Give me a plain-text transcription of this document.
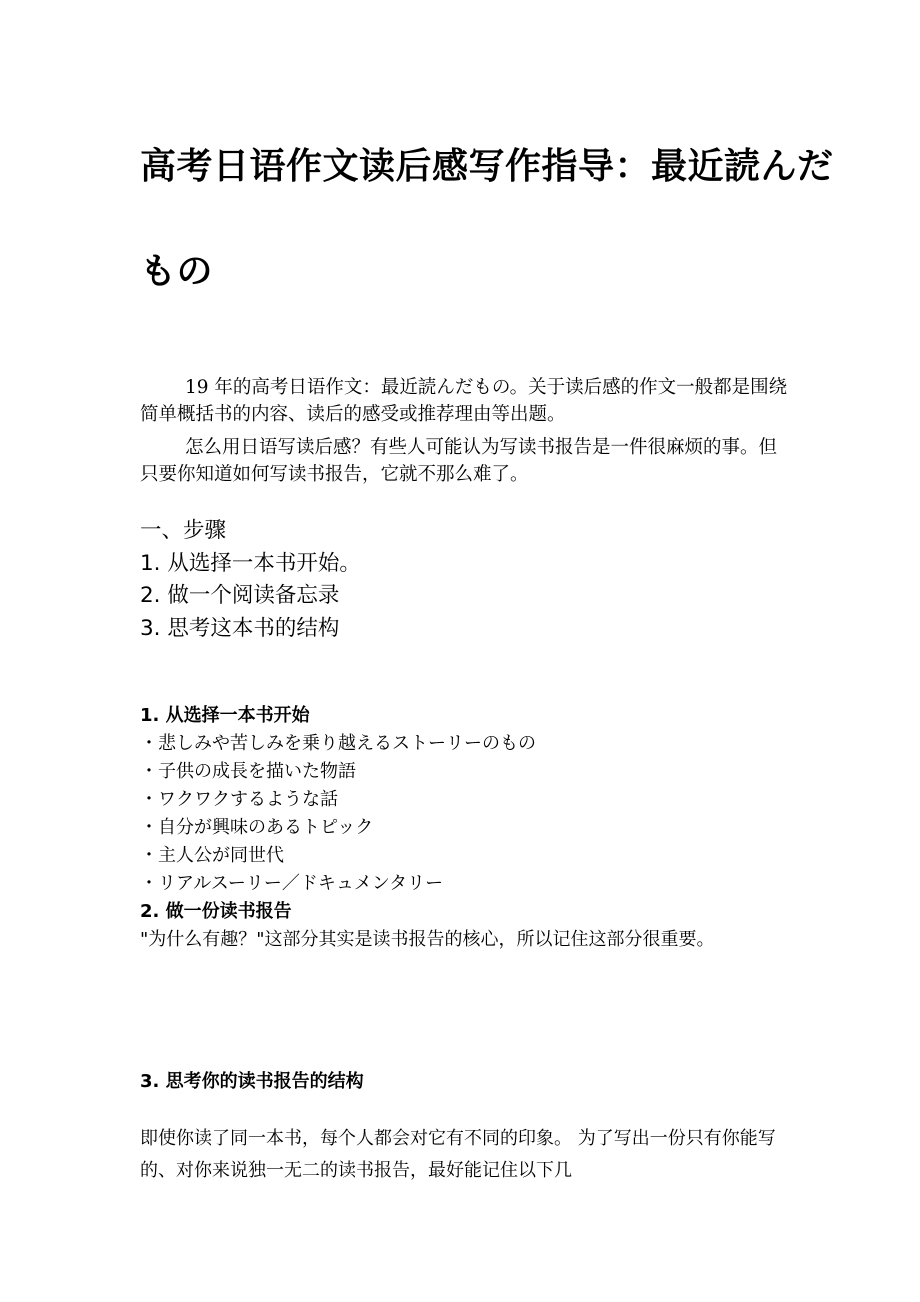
高考日语作文读后感写作指导：最近読んだ
もの
19 年的高考日语作文：最近読んだもの。关于读后感的作文一般都是围绕简单概括书的内容、读后的感受或推荐理由等出题。
怎么用日语写读后感？有些人可能认为写读书报告是一件很麻烦的事。但只要你知道如何写读书报告，它就不那么难了。
一、步骤
1. 从选择一本书开始。
2. 做一个阅读备忘录
3. 思考这本书的结构
1. 从选择一本书开始
・悲しみや苦しみを乗り越えるストーリーのもの
・子供の成長を描いた物語
・ワクワクするような話
・自分が興味のあるトピック
・主人公が同世代
・リアルスーリー／ドキュメンタリー
2. 做一份读书报告
"为什么有趣？"这部分其实是读书报告的核心，所以记住这部分很重要。
3. 思考你的读书报告的结构
即使你读了同一本书，每个人都会对它有不同的印象。 为了写出一份只有你能写的、对你来说独一无二的读书报告，最好能记住以下几
